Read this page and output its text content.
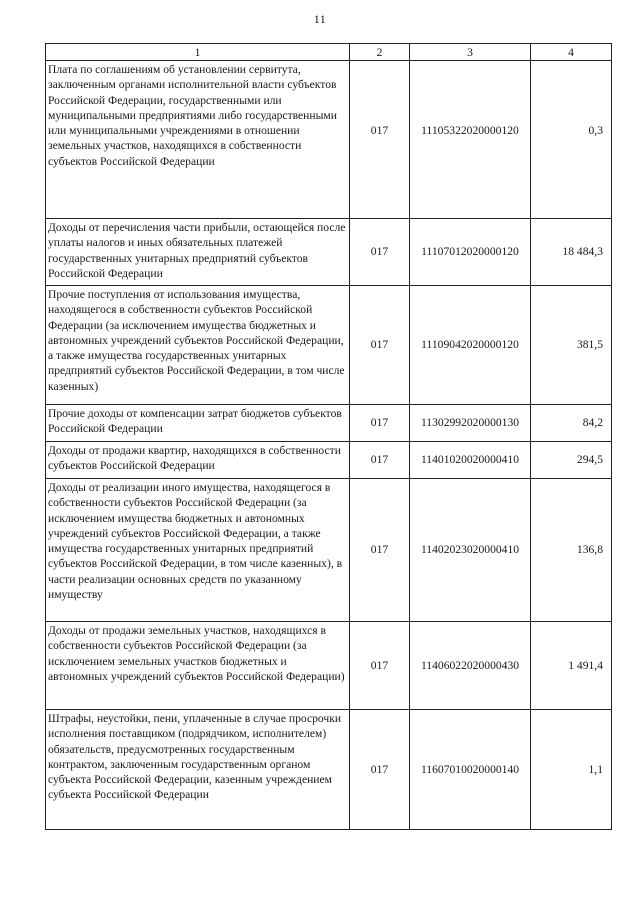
11
1	2	3	4
Плата по соглашениям об установлении сервитута, заключенным органами исполнительной власти субъектов Российской Федерации, государственными или муниципальными предприятиями либо государственными или муниципальными учреждениями в отношении земельных участков, находящихся в собственности субъектов Российской Федерации	017	11105322020000120	0,3
Доходы от перечисления части прибыли, остающейся после уплаты налогов и иных обязательных платежей государственных унитарных предприятий субъектов Российской Федерации	017	11107012020000120	18 484,3
Прочие поступления от использования имущества, находящегося в собственности субъектов Российской Федерации (за исключением имущества бюджетных и автономных учреждений субъектов Российской Федерации, а также имущества государственных унитарных предприятий субъектов Российской Федерации, в том числе казенных)	017	11109042020000120	381,5
Прочие доходы от компенсации затрат бюджетов субъектов Российской Федерации	017	11302992020000130	84,2
Доходы от продажи квартир, находящихся в собственности субъектов Российской Федерации	017	11401020020000410	294,5
Доходы от реализации иного имущества, находящегося в собственности субъектов Российской Федерации (за исключением имущества бюджетных и автономных учреждений субъектов Российской Федерации, а также имущества государственных унитарных предприятий субъектов Российской Федерации, в том числе казенных), в части реализации основных средств по указанному имуществу	017	11402023020000410	136,8
Доходы от продажи земельных участков, находящихся в собственности субъектов Российской Федерации (за исключением земельных участков бюджетных и автономных учреждений субъектов Российской Федерации)	017	11406022020000430	1 491,4
Штрафы, неустойки, пени, уплаченные в случае просрочки исполнения поставщиком (подрядчиком, исполнителем) обязательств, предусмотренных государственным контрактом, заключенным государственным органом субъекта Российской Федерации, казенным учреждением субъекта Российской Федерации	017	11607010020000140	1,1
